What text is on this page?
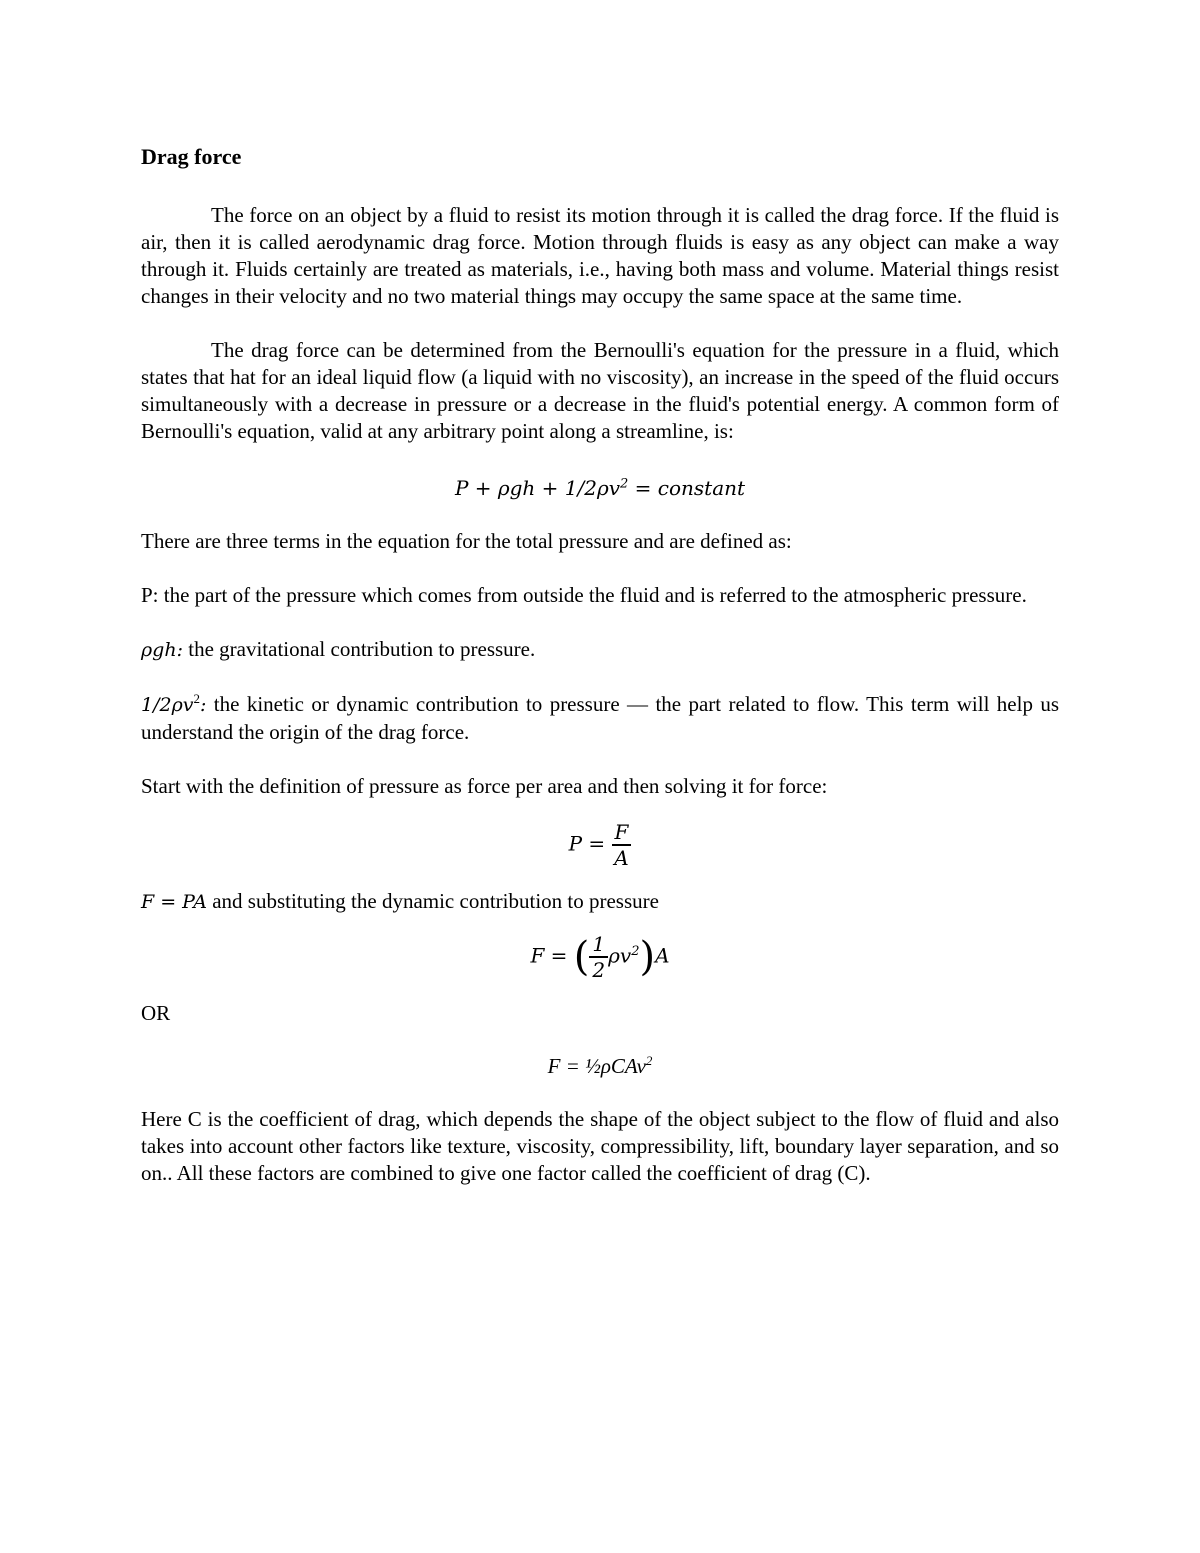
Drag force

The force on an object by a fluid to resist its motion through it is called the drag force. If the fluid is air, then it is called aerodynamic drag force. Motion through fluids is easy as any object can make a way through it. Fluids certainly are treated as materials, i.e., having both mass and volume. Material things resist changes in their velocity and no two material things may occupy the same space at the same time.

The drag force can be determined from the Bernoulli's equation for the pressure in a fluid, which states that hat for an ideal liquid flow (a liquid with no viscosity), an increase in the speed of the fluid occurs simultaneously with a decrease in pressure or a decrease in the fluid's potential energy. A common form of Bernoulli's equation, valid at any arbitrary point along a streamline, is:

$P + \rho gh + 1/2\rho v^2$ = constant

There are three terms in the equation for the total pressure and are defined as:

P: the part of the pressure which comes from outside the fluid and is referred to the atmospheric pressure.

ρgh: the gravitational contribution to pressure.

$1/2\rho v^2$: the kinetic or dynamic contribution to pressure — the part related to flow. This term will help us understand the origin of the drag force.

Start with the definition of pressure as force per area and then solving it for force:

$P = \frac{F}{A}$

F = PA and substituting the dynamic contribution to pressure

F = ( $\frac{1}{2} \rho v^2)A$

OR

F = ½ρCAv$^2$

Here C is the coefficient of drag, which depends the shape of the object subject to the flow of fluid and also takes into account other factors like texture, viscosity, compressibility, lift, boundary layer separation, and so on.. All these factors are combined to give one factor called the coefficient of drag (C).
